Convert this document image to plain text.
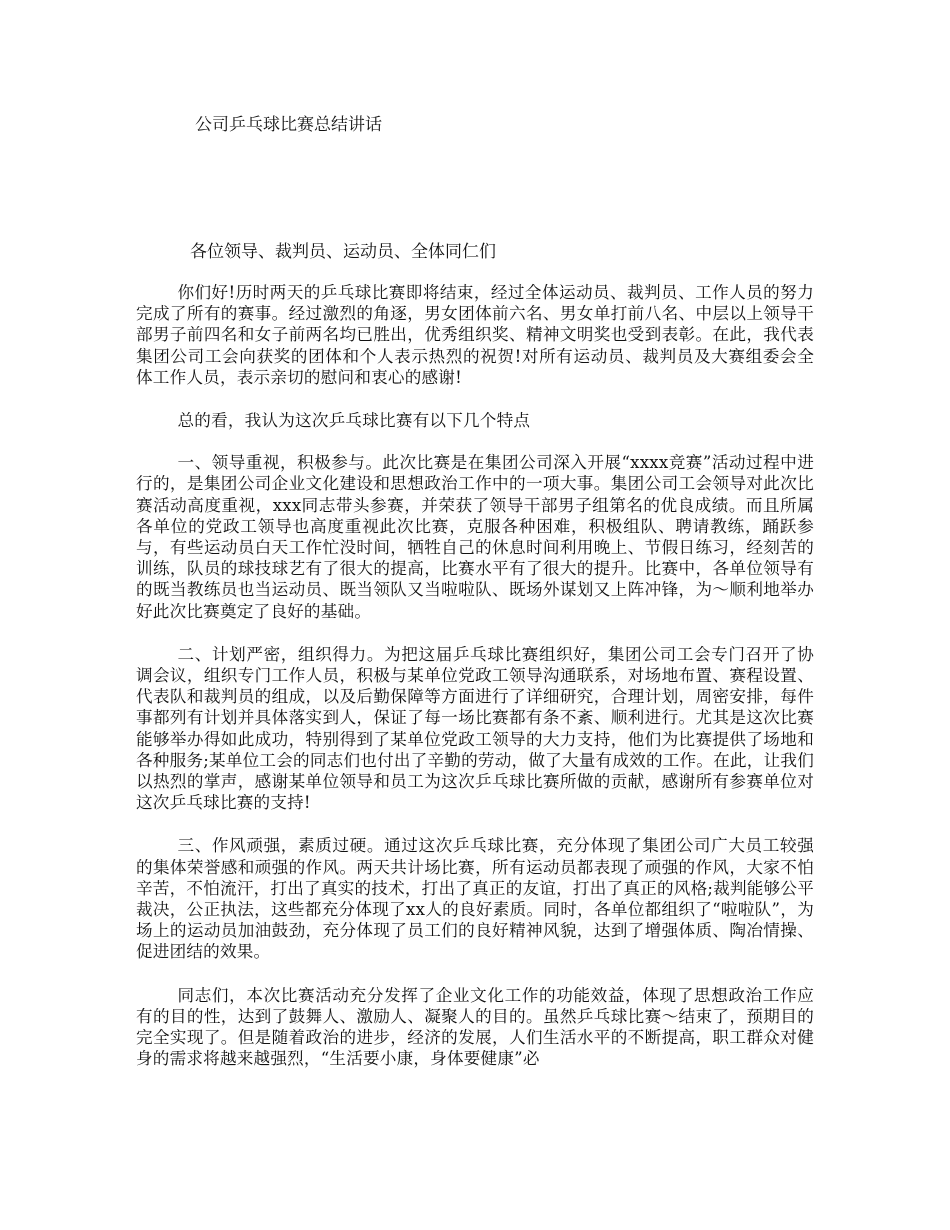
公司乒乓球比赛总结讲话
各位领导、裁判员、运动员、全体同仁们

你们好!历时两天的乒乓球比赛即将结束，经过全体运动员、裁判员、工作人员的努力完成了所有的赛事。经过激烈的角逐，男女团体前六名、男女单打前八名、中层以上领导干部男子前四名和女子前两名均已胜出，优秀组织奖、精神文明奖也受到表彰。在此，我代表集团公司工会向获奖的团体和个人表示热烈的祝贺!对所有运动员、裁判员及大赛组委会全体工作人员，表示亲切的慰问和衷心的感谢!

总的看，我认为这次乒乓球比赛有以下几个特点

一、领导重视，积极参与。此次比赛是在集团公司深入开展“xxxx竞赛”活动过程中进行的，是集团公司企业文化建设和思想政治工作中的一项大事。集团公司工会领导对此次比赛活动高度重视，xxx同志带头参赛，并荣获了领导干部男子组第名的优良成绩。而且所属各单位的党政工领导也高度重视此次比赛，克服各种困难，积极组队、聘请教练，踊跃参与，有些运动员白天工作忙没时间，牺牲自己的休息时间利用晚上、节假日练习，经刻苦的训练，队员的球技球艺有了很大的提高，比赛水平有了很大的提升。比赛中，各单位领导有的既当教练员也当运动员、既当领队又当啦啦队、既场外谋划又上阵冲锋，为～顺利地举办好此次比赛奠定了良好的基础。

二、计划严密，组织得力。为把这届乒乓球比赛组织好，集团公司工会专门召开了协调会议，组织专门工作人员，积极与某单位党政工领导沟通联系，对场地布置、赛程设置、代表队和裁判员的组成，以及后勤保障等方面进行了详细研究，合理计划，周密安排，每件事都列有计划并具体落实到人，保证了每一场比赛都有条不紊、顺利进行。尤其是这次比赛能够举办得如此成功，特别得到了某单位党政工领导的大力支持，他们为比赛提供了场地和各种服务;某单位工会的同志们也付出了辛勤的劳动，做了大量有成效的工作。在此，让我们以热烈的掌声，感谢某单位领导和员工为这次乒乓球比赛所做的贡献，感谢所有参赛单位对这次乒乓球比赛的支持!

三、作风顽强，素质过硬。通过这次乒乓球比赛，充分体现了集团公司广大员工较强的集体荣誉感和顽强的作风。两天共计场比赛，所有运动员都表现了顽强的作风，大家不怕辛苦，不怕流汗，打出了真实的技术，打出了真正的友谊，打出了真正的风格;裁判能够公平裁决，公正执法，这些都充分体现了xx人的良好素质。同时，各单位都组织了“啦啦队”，为场上的运动员加油鼓劲，充分体现了员工们的良好精神风貌，达到了增强体质、陶冶情操、促进团结的效果。

同志们，本次比赛活动充分发挥了企业文化工作的功能效益，体现了思想政治工作应有的目的性，达到了鼓舞人、激励人、凝聚人的目的。虽然乒乓球比赛～结束了，预期目的完全实现了。但是随着政治的进步，经济的发展，人们生活水平的不断提高，职工群众对健身的需求将越来越强烈，“生活要小康，身体要健康”必
